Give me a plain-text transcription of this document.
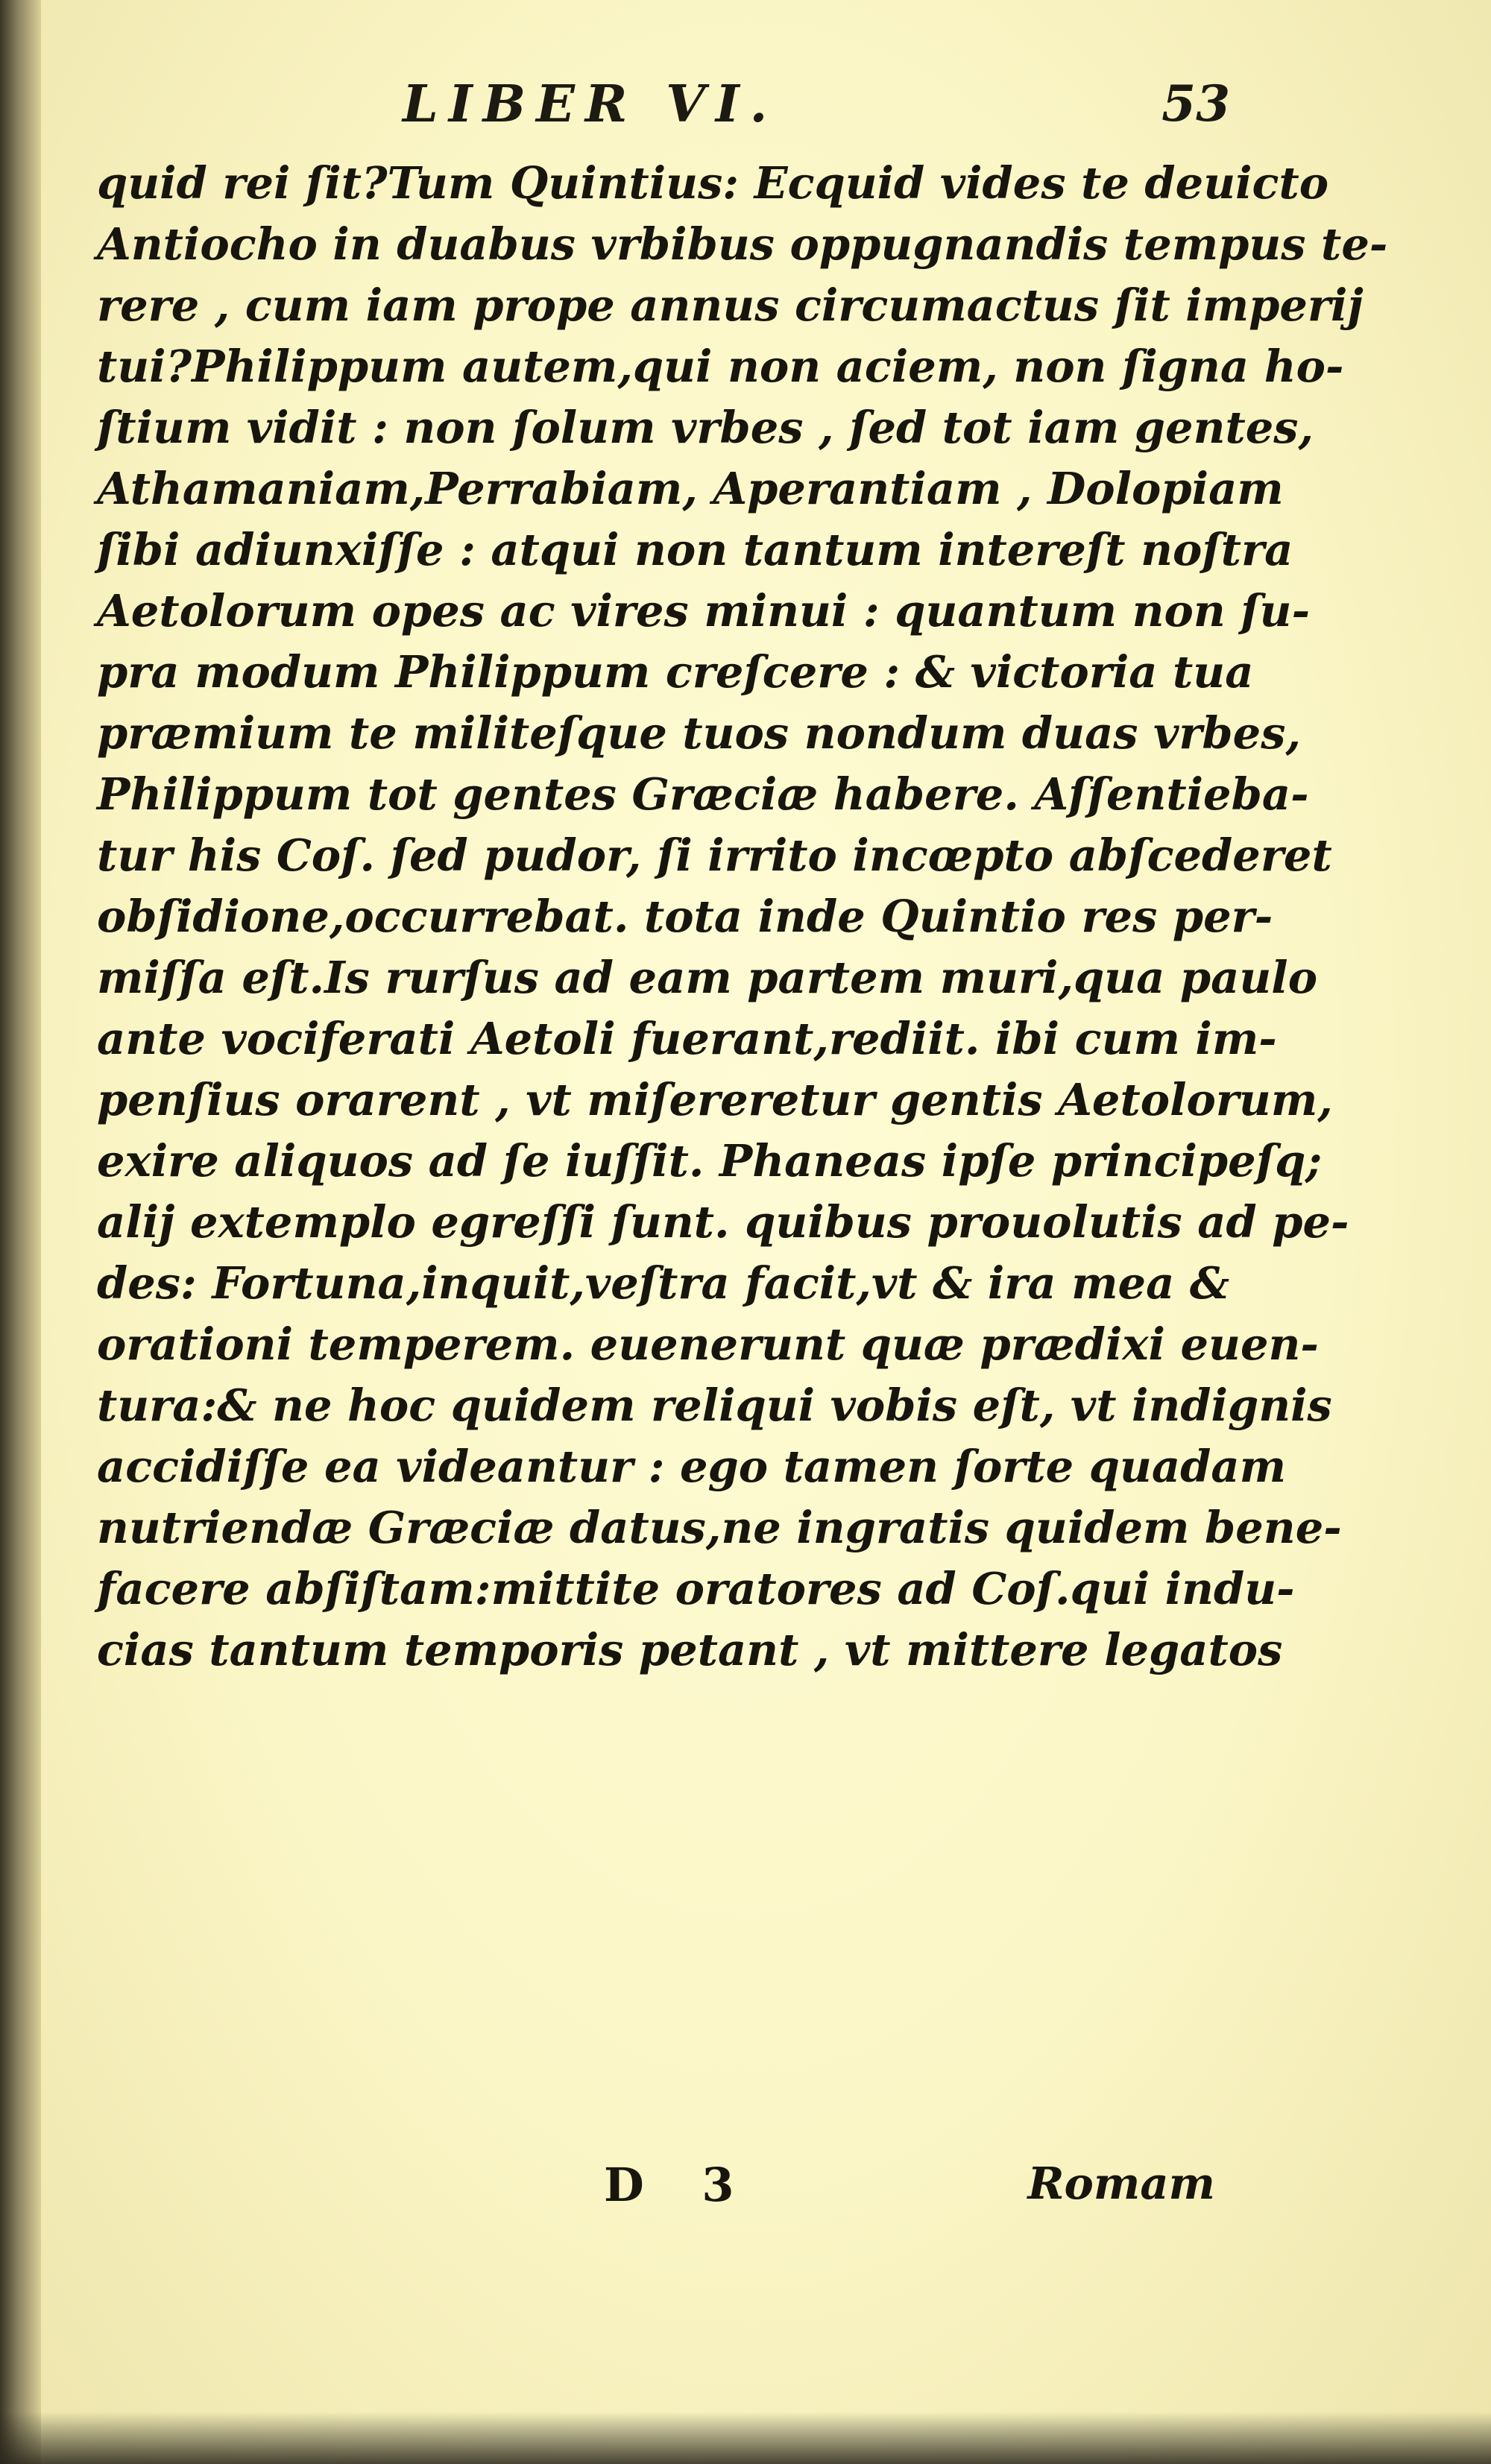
LIBER VI.	53
quid rei ſit?Tum Quintius: Ecquid vides te deuicto
Antiocho in duabus vrbibus oppugnandis tempus te-
rere , cum iam prope annus circumactus ſit imperij
tui?Philippum autem,qui non aciem, non ſigna ho-
ſtium vidit : non ſolum vrbes , ſed tot iam gentes,
Athamaniam,Perrabiam, Aperantiam , Dolopiam
ſibi adiunxiſſe : atqui non tantum intereſt noſtra
Aetolorum opes ac vires minui : quantum non ſu-
pra modum Philippum creſcere : & victoria tua
præmium te militeſque tuos nondum duas vrbes,
Philippum tot gentes Græciæ habere. Aſſentieba-
tur his Coſ. ſed pudor, ſi irrito incœpto abſcederet
obſidione,occurrebat. tota inde Quintio res per-
miſſa eſt.Is rurſus ad eam partem muri,qua paulo
ante vociferati Aetoli fuerant,rediit. ibi cum im-
penſius orarent , vt miſereretur gentis Aetolorum,
exire aliquos ad ſe iuſſit. Phaneas ipſe principeſq;
alij extemplo egreſſi ſunt. quibus prouolutis ad pe-
des: Fortuna,inquit,veſtra facit,vt & ira mea &
orationi temperem. euenerunt quæ prædixi euen-
tura:& ne hoc quidem reliqui vobis eſt, vt indignis
accidiſſe ea videantur : ego tamen ſorte quadam
nutriendæ Græciæ datus,ne ingratis quidem bene-
facere abſiſtam:mittite oratores ad Coſ.qui indu-
cias tantum temporis petant , vt mittere legatos
D 3	Romam
